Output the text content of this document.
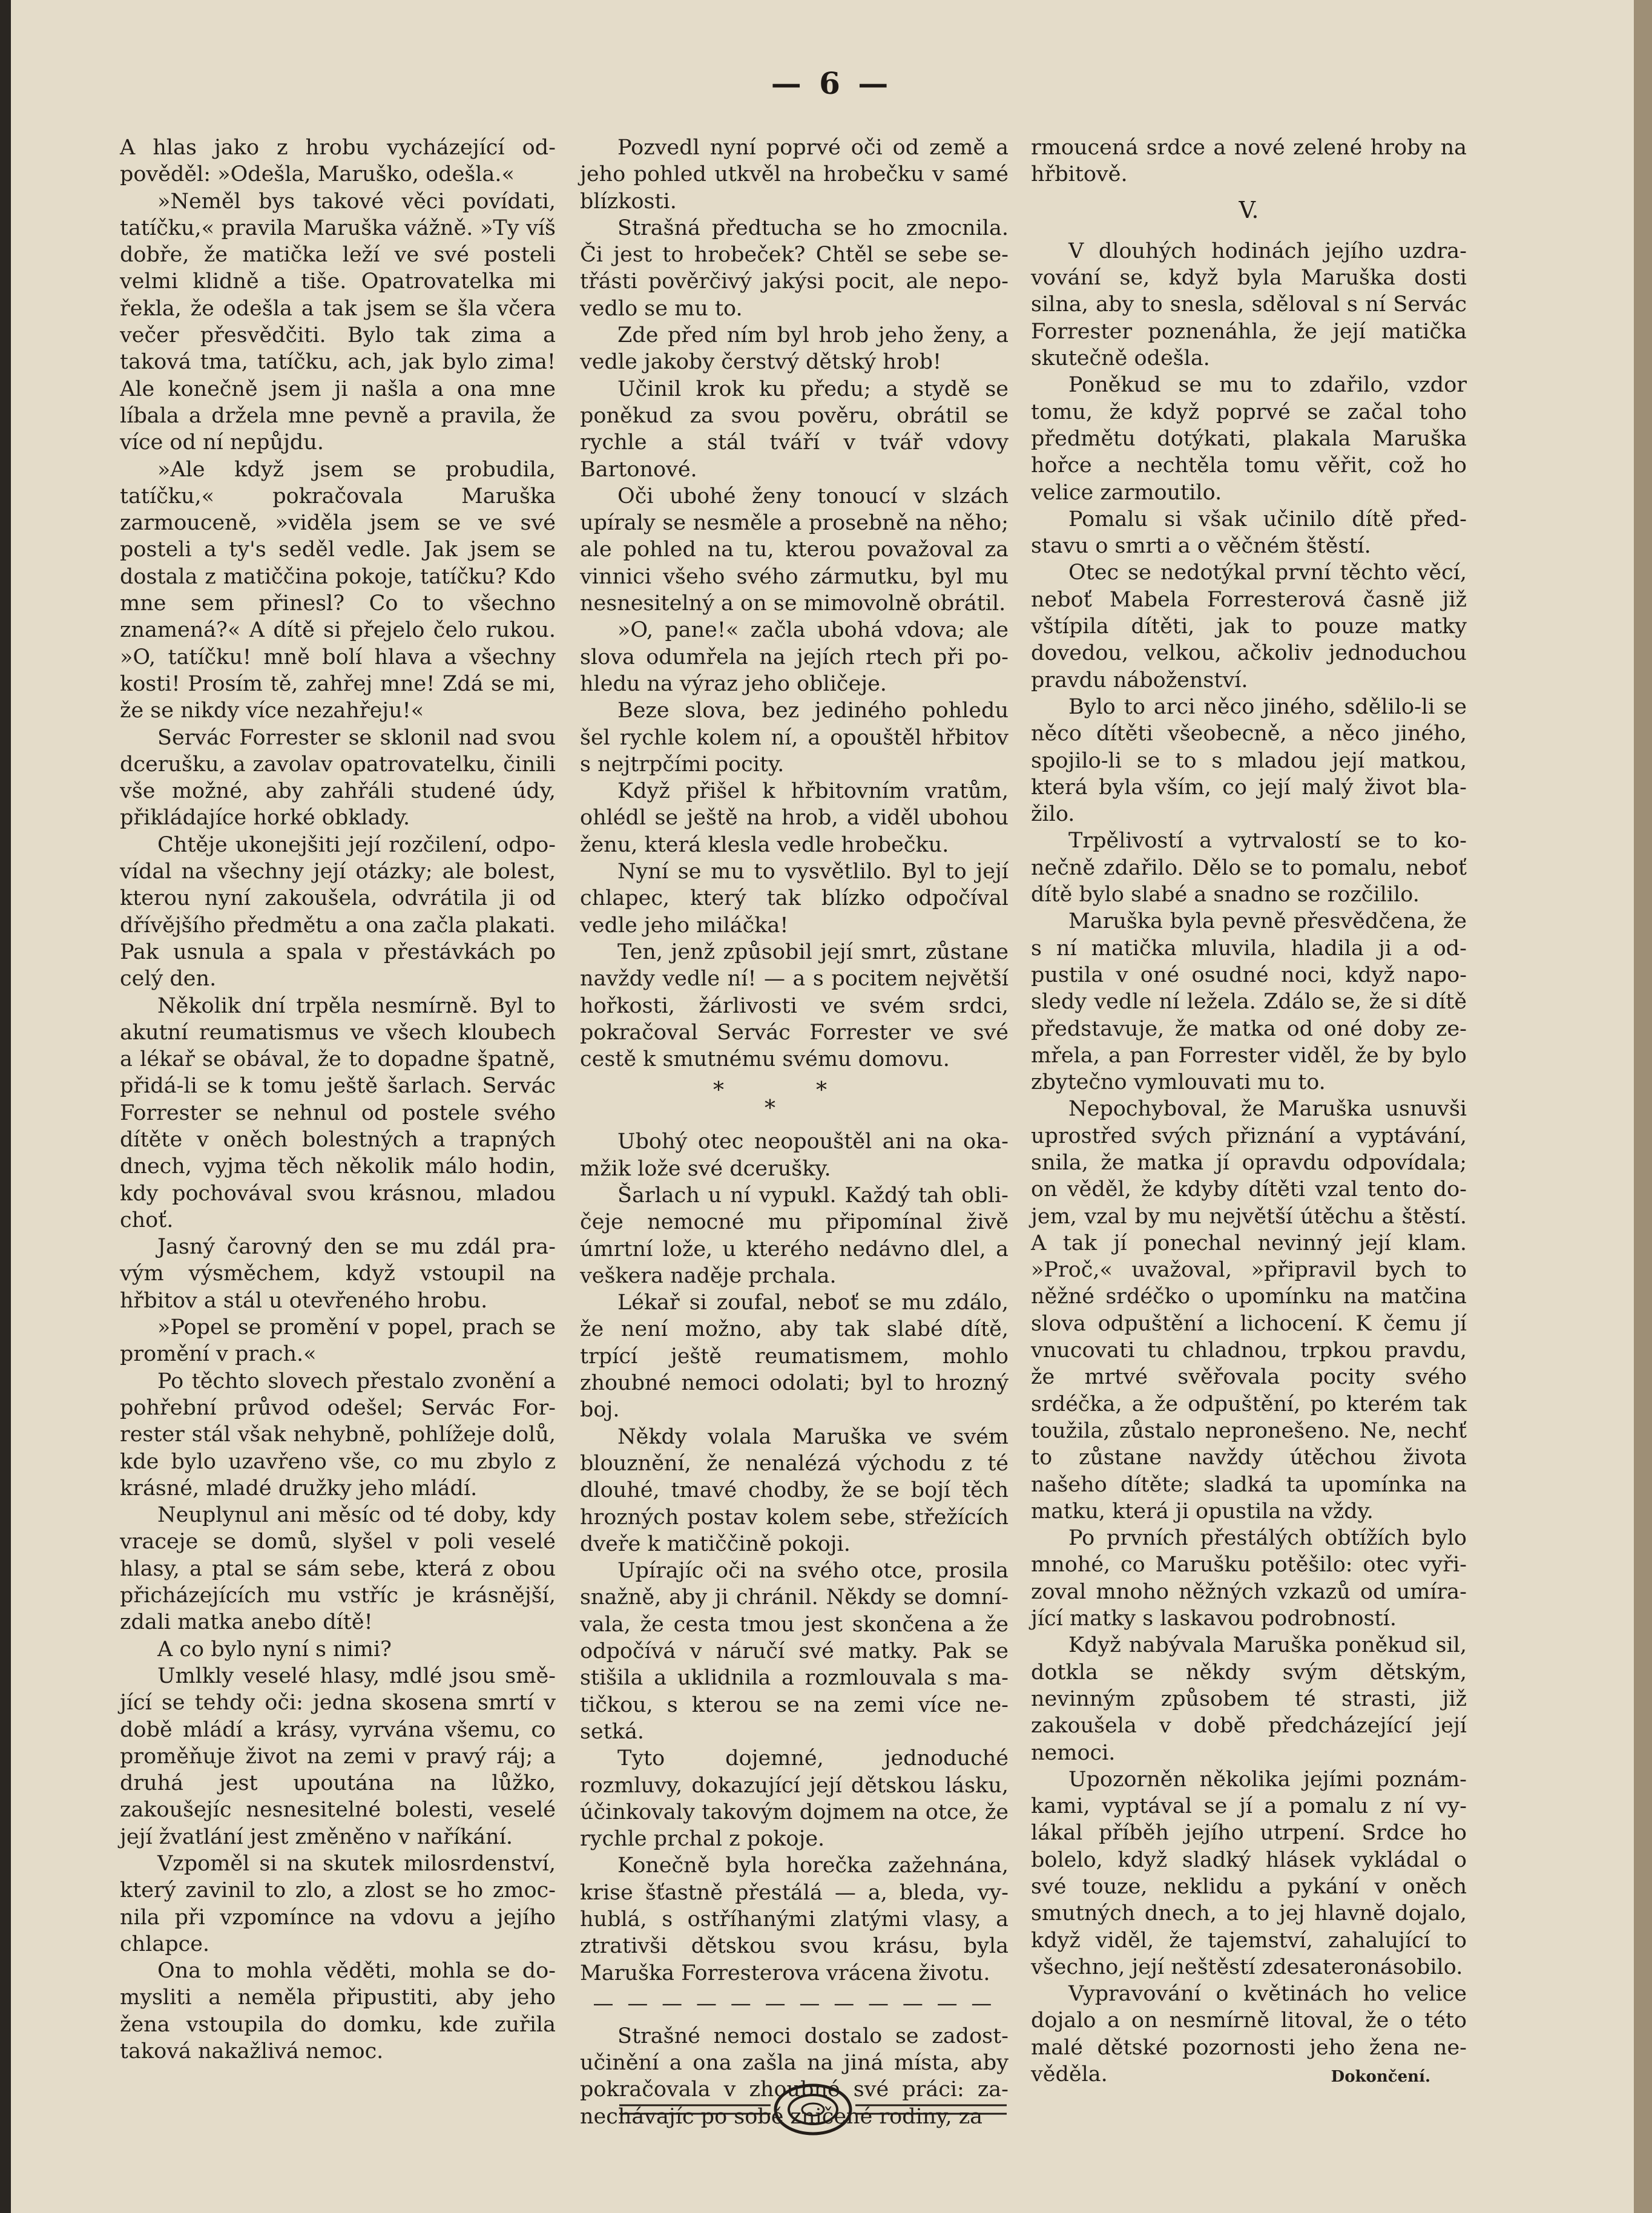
— 6 —

A hlas jako z hrobu vycházející odpověděl: »Odešla, Maruško, odešla.«

»Neměl bys takové věci povídati, tatíčku,« pravila Maruška vážně. »Ty víš dobře, že matička leží ve své posteli velmi klidně a tiše. Opatrovatelka mi řekla, že odešla a tak jsem se šla včera večer přesvědčiti. Bylo tak zima a taková tma, tatíčku, ach, jak bylo zima! Ale konečně jsem ji našla a ona mne líbala a držela mne pevně a pravila, že více od ní nepůjdu.

»Ale když jsem se probudila, tatíčku,« pokračovala Maruška zarmouceně, »viděla jsem se ve své posteli a ty's seděl vedle. Jak jsem se dostala z matiččina pokoje, tatíčku? Kdo mne sem přinesl? Co to všechno znamená?« A dítě si přejelo čelo rukou. »O, tatíčku! mně bolí hlava a všechny kosti! Prosím tě, zahřej mne! Zdá se mi, že se nikdy více nezahřeju!«

Servác Forrester se sklonil nad svou dcerušku, a zavolav opatrovatelku, činili vše možné, aby zahřáli studené údy, přikládajíce horké obklady.

Chtěje ukonejšiti její rozčilení, odpovídal na všechny její otázky; ale bolest, kterou nyní zakoušela, odvrátila ji od dřívějšího předmětu a ona začla plakati. Pak usnula a spala v přestávkách po celý den.

Několik dní trpěla nesmírně. Byl to akutní reumatismus ve všech kloubech a lékař se obával, že to dopadne špatně, přidá-li se k tomu ještě šarlach. Servác Forrester se nehnul od postele svého dítěte v oněch bolestných a trapných dnech, vyjma těch několik málo hodin, kdy pochovával svou krásnou, mladou choť.

Jasný čarovný den se mu zdál pravým výsměchem, když vstoupil na hřbitov a stál u otevřeného hrobu.

»Popel se promění v popel, prach se promění v prach.«

Po těchto slovech přestalo zvonění a pohřební průvod odešel; Servác Forrester stál však nehybně, pohlížeje dolů, kde bylo uzavřeno vše, co mu zbylo z krásné, mladé družky jeho mládí.

Neuplynul ani měsíc od té doby, kdy vraceje se domů, slyšel v poli veselé hlasy, a ptal se sám sebe, která z obou přicházejících mu vstříc je krásnější, zdali matka anebo dítě!

A co bylo nyní s nimi?

Umlkly veselé hlasy, mdlé jsou smějící se tehdy oči: jedna skosena smrtí v době mládí a krásy, vyrvána všemu, co proměňuje život na zemi v pravý ráj; a druhá jest upoutána na lůžko, zakoušejíc nesnesitelné bolesti, veselé její žvatlání jest změněno v naříkání.

Vzpoměl si na skutek milosrdenství, který zavinil to zlo, a zlost se ho zmocnila při vzpomínce na vdovu a jejího chlapce.

Ona to mohla věděti, mohla se domysliti a neměla připustiti, aby jeho žena vstoupila do domku, kde zuřila taková nakažlivá nemoc.

Pozvedl nyní poprvé oči od země a jeho pohled utkvěl na hrobečku v samé blízkosti.

Strašná předtucha se ho zmocnila. Či jest to hrobeček? Chtěl se sebe setřásti pověrčivý jakýsi pocit, ale nepovedlo se mu to.

Zde před ním byl hrob jeho ženy, a vedle jakoby čerstvý dětský hrob!

Učinil krok ku předu; a stydě se poněkud za svou pověru, obrátil se rychle a stál tváří v tvář vdovy Bartonové.

Oči ubohé ženy tonoucí v slzách upíraly se nesměle a prosebně na něho; ale pohled na tu, kterou považoval za vinnici všeho svého zármutku, byl mu nesnesitelný a on se mimovolně obrátil.

»O, pane!« začla ubohá vdova; ale slova odumřela na jejích rtech při pohledu na výraz jeho obličeje.

Beze slova, bez jediného pohledu šel rychle kolem ní, a opouštěl hřbitov s nejtrpčími pocity.

Když přišel k hřbitovním vratům, ohlédl se ještě na hrob, a viděl ubohou ženu, která klesla vedle hrobečku.

Nyní se mu to vysvětlilo. Byl to její chlapec, který tak blízko odpočíval vedle jeho miláčka!

Ten, jenž způsobil její smrt, zůstane navždy vedle ní! — a s pocitem největší hořkosti, žárlivosti ve svém srdci, pokračoval Servác Forrester ve své cestě k smutnému svému domovu.

*	*
*

Ubohý otec neopouštěl ani na okamžik lože své dcerušky.

Šarlach u ní vypukl. Každý tah obličeje nemocné mu připomínal živě úmrtní lože, u kterého nedávno dlel, a veškera naděje prchala.

Lékař si zoufal, neboť se mu zdálo, že není možno, aby tak slabé dítě, trpící ještě reumatismem, mohlo zhoubné nemoci odolati; byl to hrozný boj.

Někdy volala Maruška ve svém blouznění, že nenalézá východu z té dlouhé, tmavé chodby, že se bojí těch hrozných postav kolem sebe, střežících dveře k matiččině pokoji.

Upírajíc oči na svého otce, prosila snažně, aby ji chránil. Někdy se domnívala, že cesta tmou jest skončena a že odpočívá v náručí své matky. Pak se stišila a uklidnila a rozmlouvala s matičkou, s kterou se na zemi více nesetká.

Tyto dojemné, jednoduché rozmluvy, dokazující její dětskou lásku, účinkovaly takovým dojmem na otce, že rychle prchal z pokoje.

Konečně byla horečka zažehnána, krise šťastně přestálá — a, bleda, vyhublá, s ostříhanými zlatými vlasy, a ztrativši dětskou svou krásu, byla Maruška Forresterova vrácena životu.

— — — — — — — — — — — —

Strašné nemoci dostalo se zadostučinění a ona zašla na jiná místa, aby pokračovala v zhoubné své práci: zanechávajíc po sobě zničené rodiny, za

rmoucená srdce a nové zelené hroby na hřbitově.

V.

V dlouhých hodinách jejího uzdravování se, když byla Maruška dosti silna, aby to snesla, sděloval s ní Servác Forrester poznenáhla, že její matička skutečně odešla.

Poněkud se mu to zdařilo, vzdor tomu, že když poprvé se začal toho předmětu dotýkati, plakala Maruška hořce a nechtěla tomu věřit, což ho velice zarmoutilo.

Pomalu si však učinilo dítě představu o smrti a o věčném štěstí.

Otec se nedotýkal první těchto věcí, neboť Mabela Forresterová časně již vštípila dítěti, jak to pouze matky dovedou, velkou, ačkoliv jednoduchou pravdu náboženství.

Bylo to arci něco jiného, sdělilo-li se něco dítěti všeobecně, a něco jiného, spojilo-li se to s mladou její matkou, která byla vším, co její malý život blažilo.

Trpělivostí a vytrvalostí se to konečně zdařilo. Dělo se to pomalu, neboť dítě bylo slabé a snadno se rozčililo.

Maruška byla pevně přesvědčena, že s ní matička mluvila, hladila ji a odpustila v oné osudné noci, když naposledy vedle ní ležela. Zdálo se, že si dítě představuje, že matka od oné doby zemřela, a pan Forrester viděl, že by bylo zbytečno vymlouvati mu to.

Nepochyboval, že Maruška usnuvši uprostřed svých přiznání a vyptávání, snila, že matka jí opravdu odpovídala; on věděl, že kdyby dítěti vzal tento dojem, vzal by mu největší útěchu a štěstí. A tak jí ponechal nevinný její klam. »Proč,« uvažoval, »připravil bych to něžné srdéčko o upomínku na matčina slova odpuštění a lichocení. K čemu jí vnucovati tu chladnou, trpkou pravdu, že mrtvé svěřovala pocity svého srdéčka, a že odpuštění, po kterém tak toužila, zůstalo nepronešeno. Ne, nechť to zůstane navždy útěchou života našeho dítěte; sladká ta upomínka na matku, která ji opustila na vždy.

Po prvních přestálých obtížích bylo mnohé, co Marušku potěšilo: otec vyřizoval mnoho něžných vzkazů od umírající matky s laskavou podrobností.

Když nabývala Maruška poněkud sil, dotkla se někdy svým dětským, nevinným způsobem té strasti, již zakoušela v době předcházející její nemoci.

Upozorněn několika jejími poznámkami, vyptával se jí a pomalu z ní vylákal příběh jejího utrpení. Srdce ho bolelo, když sladký hlásek vykládal o své touze, neklidu a pykání v oněch smutných dnech, a to jej hlavně dojalo, když viděl, že tajemství, zahalující to všechno, její neštěstí zdesateronásobilo.

Vypravování o květinách ho velice dojalo a on nesmírně litoval, že o této malé dětské pozornosti jeho žena nevěděla.	Dokončení.
